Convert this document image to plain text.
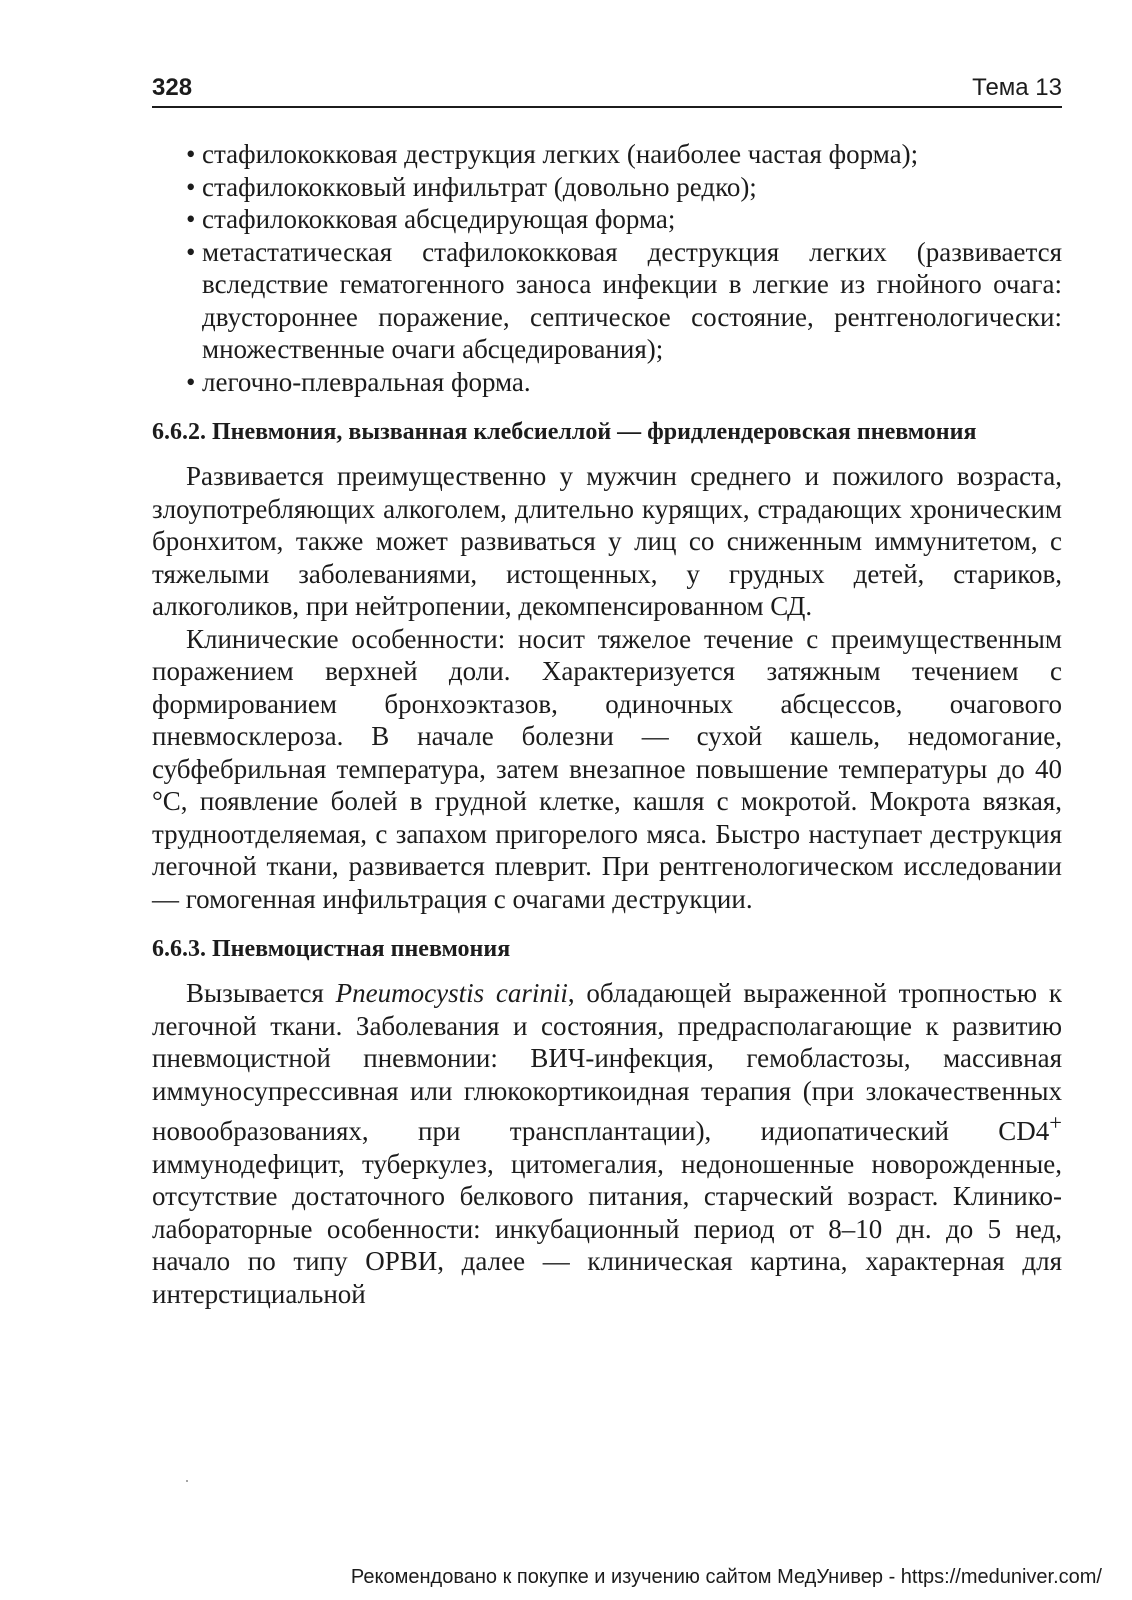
328	Тема 13
• стафилококковая деструкция легких (наиболее частая форма);
• стафилококковый инфильтрат (довольно редко);
• стафилококковая абсцедирующая форма;
• метастатическая стафилококковая деструкция легких (развивается вследствие гематогенного заноса инфекции в легкие из гнойного очага: двустороннее поражение, септическое состояние, рентгенологически: множественные очаги абсцедирования);
• легочно-плевральная форма.
6.6.2. Пневмония, вызванная клебсиеллой — фридлендеровская пневмония

Развивается преимущественно у мужчин среднего и пожилого возраста, злоупотребляющих алкоголем, длительно курящих, страдающих хроническим бронхитом, также может развиваться у лиц со сниженным иммунитетом, с тяжелыми заболеваниями, истощенных, у грудных детей, стариков, алкоголиков, при нейтропении, декомпенсированном СД.

Клинические особенности: носит тяжелое течение с преимущественным поражением верхней доли. Характеризуется затяжным течением с формированием бронхоэктазов, одиночных абсцессов, очагового пневмосклероза. В начале болезни — сухой кашель, недомогание, субфебрильная температура, затем внезапное повышение температуры до 40 °С, появление болей в грудной клетке, кашля с мокротой. Мокрота вязкая, трудноотделяемая, с запахом пригорелого мяса. Быстро наступает деструкция легочной ткани, развивается плеврит. При рентгенологическом исследовании — гомогенная инфильтрация с очагами деструкции.

6.6.3. Пневмоцистная пневмония

Вызывается Pneumocystis carinii, обладающей выраженной тропностью к легочной ткани. Заболевания и состояния, предрасполагающие к развитию пневмоцистной пневмонии: ВИЧ-инфекция, гемобластозы, массивная иммуносупрессивная или глюкокортикоидная терапия (при злокачественных новообразованиях, при трансплантации), идиопатический CD4+ иммунодефицит, туберкулез, цитомегалия, недоношенные новорожденные, отсутствие достаточного белкового питания, старческий возраст. Клинико-лабораторные особенности: инкубационный период от 8–10 дн. до 5 нед, начало по типу ОРВИ, далее — клиническая картина, характерная для интерстициальной

Рекомендовано к покупке и изучению сайтом МедУнивер - https://meduniver.com/
